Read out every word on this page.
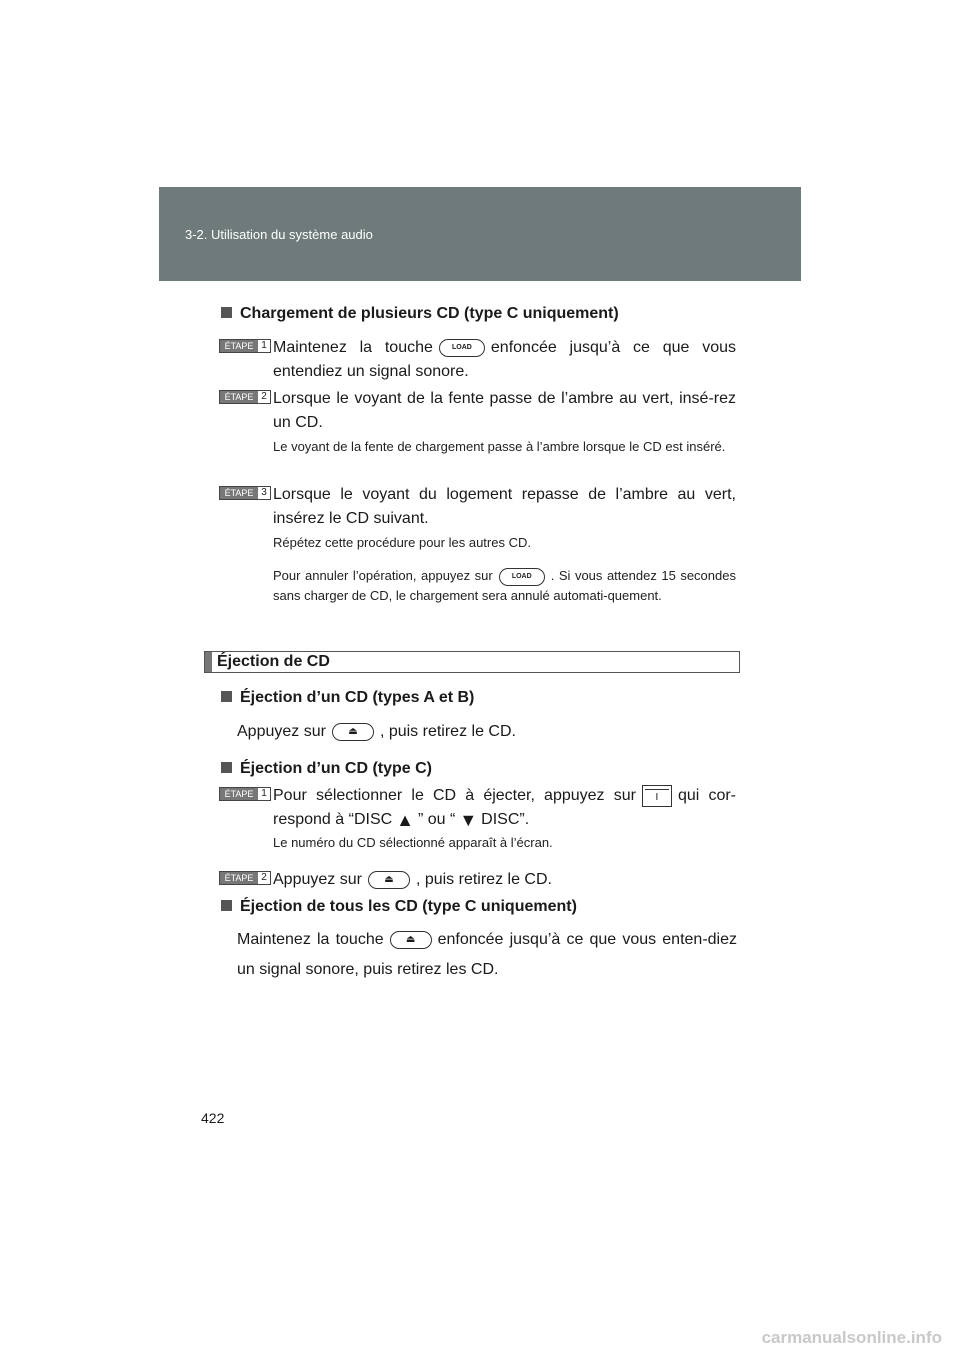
3-2. Utilisation du système audio
Chargement de plusieurs CD (type C uniquement)
ÉTAPE 1 Maintenez la touche	LOAD enfoncée jusqu’à ce que vous entendiez un signal sonore.
ÉTAPE 2 Lorsque le voyant de la fente passe de l’ambre au vert, insé-rez un CD.
Le voyant de la fente de chargement passe à l’ambre lorsque le CD est inséré.
ÉTAPE 3 Lorsque le voyant du logement repasse de l’ambre au vert, insérez le CD suivant.
Répétez cette procédure pour les autres CD.
Pour annuler l’opération, appuyez sur	LOAD . Si vous attendez 15 secondes sans charger de CD, le chargement sera annulé automati-quement.
Éjection de CD
Éjection d’un CD (types A et B)
Appuyez sur ⏏ , puis retirez le CD.
Éjection d’un CD (type C)
ÉTAPE 1 Pour sélectionner le CD à éjecter, appuyez sur I qui cor-respond à “DISC ▲ ” ou “ ▼ DISC”.
Le numéro du CD sélectionné apparaît à l’écran.
ÉTAPE 2 Appuyez sur ⏏ , puis retirez le CD.
Éjection de tous les CD (type C uniquement)
Maintenez la touche ⏏ enfoncée jusqu’à ce que vous enten-diez un signal sonore, puis retirez les CD.
422
carmanualsonline.info
